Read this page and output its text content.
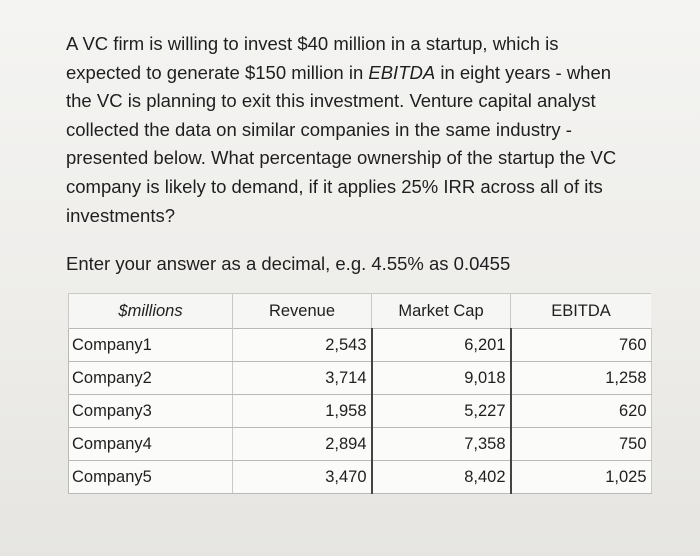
A VC firm is willing to invest $40 million in a startup, which is
expected to generate $150 million in EBITDA in eight years - when
the VC is planning to exit this investment. Venture capital analyst
collected the data on similar companies in the same industry -
presented below. What percentage ownership of the startup the VC
company is likely to demand, if it applies 25% IRR across all of its
investments?

Enter your answer as a decimal, e.g. 4.55% as 0.0455

$millions	Revenue	Market Cap	EBITDA
Company1	2,543	6,201	760
Company2	3,714	9,018	1,258
Company3	1,958	5,227	620
Company4	2,894	7,358	750
Company5	3,470	8,402	1,025
